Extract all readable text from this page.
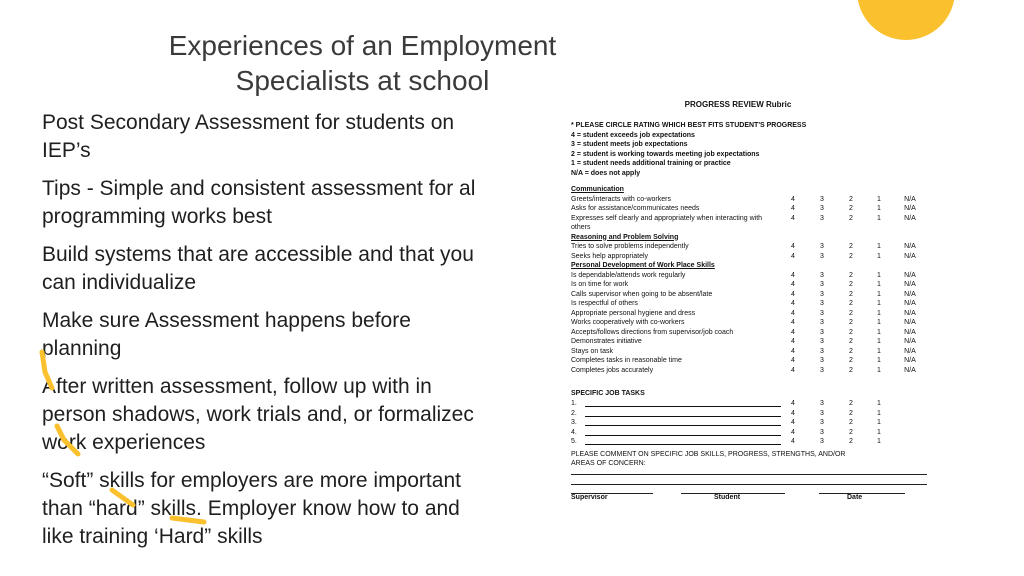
Experiences of an Employment
Specialists at school
Post Secondary Assessment for students on
IEP’s
Tips - Simple and consistent assessment for al
programming works best
Build systems that are accessible and that you
can individualize
Make sure Assessment happens before
planning
After written assessment, follow up with in
person shadows, work trials and, or formalizec
work experiences
“Soft” skills for employers are more important
than “hard” skills. Employer know how to and
like training ‘Hard” skills
PROGRESS REVIEW Rubric
* PLEASE CIRCLE RATING WHICH BEST FITS STUDENT'S PROGRESS
4 = student exceeds job expectations
3 = student meets job expectations
2 = student is working towards meeting job expectations
1 = student needs additional training or practice
N/A = does not apply
Communication
Greets/interacts with co-workers	4	3	2	1	N/A
Asks for assistance/communicates needs	4	3	2	1	N/A
Expresses self clearly and appropriately when interacting with others
4	3	2	1	N/A
Reasoning and Problem Solving
Tries to solve problems independently	4	3	2	1	N/A
Seeks help appropriately	4	3	2	1	N/A
Personal Development of Work Place Skills
Is dependable/attends work regularly	4	3	2	1	N/A
Is on time for work	4	3	2	1	N/A
Calls supervisor when going to be absent/late	4	3	2	1	N/A
Is respectful of others	4	3	2	1	N/A
Appropriate personal hygiene and dress	4	3	2	1	N/A
Works cooperatively with co-workers	4	3	2	1	N/A
Accepts/follows directions from supervisor/job coach	4	3	2	1	N/A
Demonstrates initiative	4	3	2	1	N/A
Stays on task	4	3	2	1	N/A
Completes tasks in reasonable time	4	3	2	1	N/A
Completes jobs accurately	4	3	2	1	N/A
SPECIFIC JOB TASKS
1.	4	3	2	1
2.	4	3	2	1
3.	4	3	2	1
4.	4	3	2	1
5.	4	3	2	1
PLEASE COMMENT ON SPECIFIC JOB SKILLS, PROGRESS, STRENGTHS, AND/OR
AREAS OF CONCERN:
Supervisor	Student	Date
